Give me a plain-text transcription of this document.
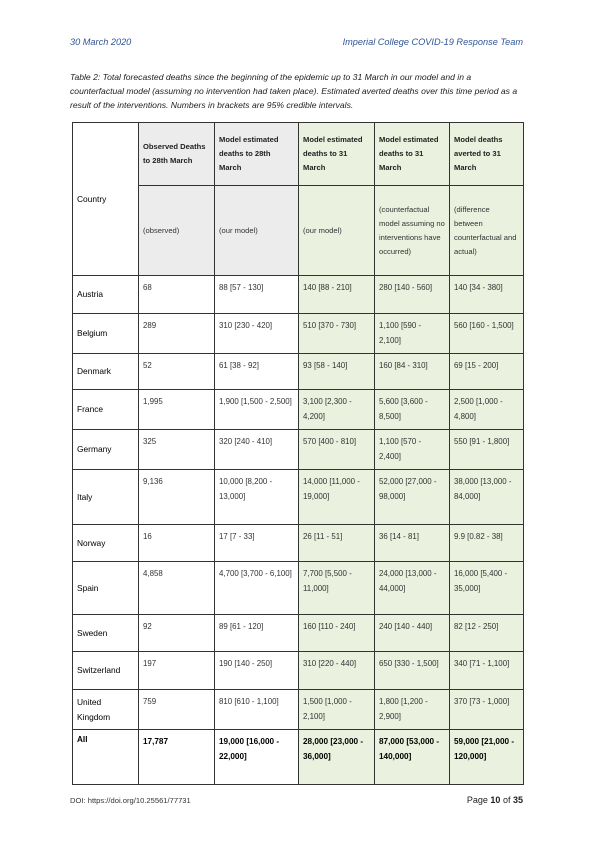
30 March 2020	Imperial College COVID-19 Response Team
Table 2: Total forecasted deaths since the beginning of the epidemic up to 31 March in our model and in a counterfactual model (assuming no intervention had taken place). Estimated averted deaths over this time period as a result of the interventions. Numbers in brackets are 95% credible intervals.
Country	Observed Deaths to 28th March	Model estimated deaths to 28th March	Model estimated deaths to 31 March	Model estimated deaths to 31 March	Model deaths averted to 31 March
	(observed)	(our model)	(our model)	(counterfactual model assuming no interventions have occurred)	(difference between counterfactual and actual)
Austria	68	88 [57 - 130]	140 [88 - 210]	280 [140 - 560]	140 [34 - 380]
Belgium	289	310 [230 - 420]	510 [370 - 730]	1,100 [590 - 2,100]	560 [160 - 1,500]
Denmark	52	61 [38 - 92]	93 [58 - 140]	160 [84 - 310]	69 [15 - 200]
France	1,995	1,900 [1,500 - 2,500]	3,100 [2,300 - 4,200]	5,600 [3,600 - 8,500]	2,500 [1,000 - 4,800]
Germany	325	320 [240 - 410]	570 [400 - 810]	1,100 [570 - 2,400]	550 [91 - 1,800]
Italy	9,136	10,000 [8,200 - 13,000]	14,000 [11,000 - 19,000]	52,000 [27,000 - 98,000]	38,000 [13,000 - 84,000]
Norway	16	17 [7 - 33]	26 [11 - 51]	36 [14 - 81]	9.9 [0.82 - 38]
Spain	4,858	4,700 [3,700 - 6,100]	7,700 [5,500 - 11,000]	24,000 [13,000 - 44,000]	16,000 [5,400 - 35,000]
Sweden	92	89 [61 - 120]	160 [110 - 240]	240 [140 - 440]	82 [12 - 250]
Switzerland	197	190 [140 - 250]	310 [220 - 440]	650 [330 - 1,500]	340 [71 - 1,100]
United Kingdom	759	810 [610 - 1,100]	1,500 [1,000 - 2,100]	1,800 [1,200 - 2,900]	370 [73 - 1,000]
All	17,787	19,000 [16,000 - 22,000]	28,000 [23,000 - 36,000]	87,000 [53,000 - 140,000]	59,000 [21,000 - 120,000]
DOI: https://doi.org/10.25561/77731	Page 10 of 35
